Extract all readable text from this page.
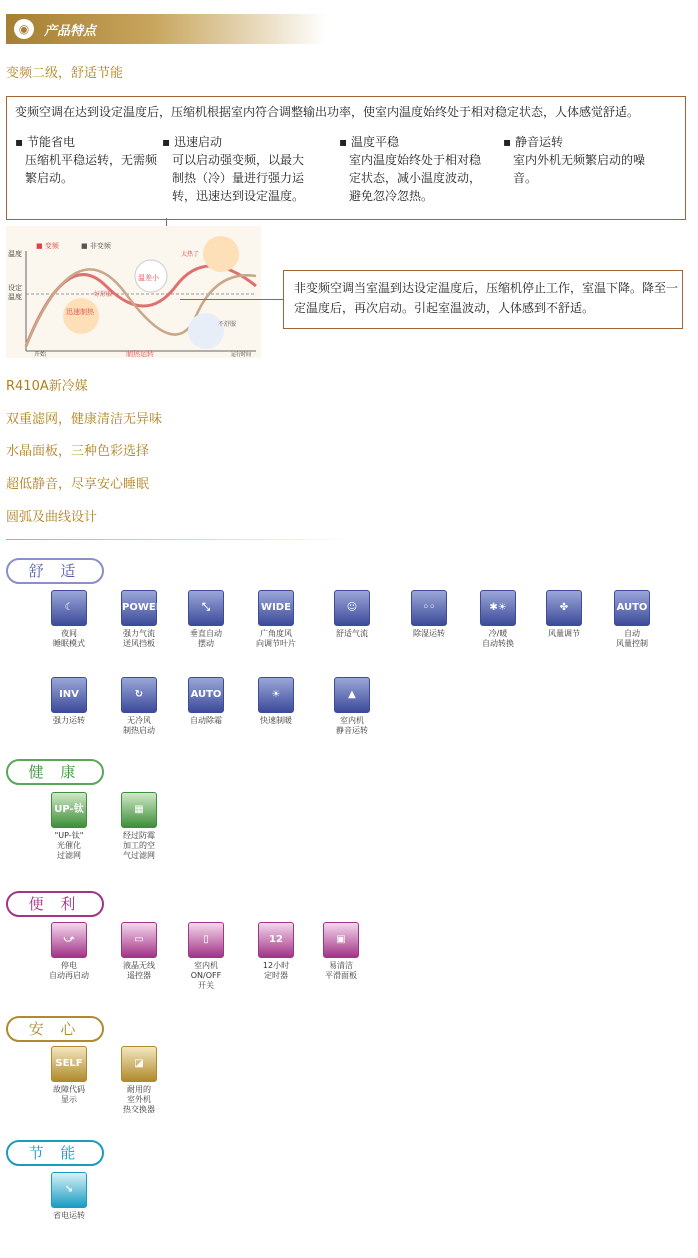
◉	产品特点
变频二级，舒适节能
变频空调在达到设定温度后，压缩机根据室内符合调整输出功率，使室内温度始终处于相对稳定状态，人体感觉舒适。
▪ 节能省电
压缩机平稳运转，无需频繁启动。
▪ 迅速启动
可以启动强变频，以最大制热（冷）量进行强力运转，迅速达到设定温度。
▪ 温度平稳
室内温度始终处于相对稳定状态，减小温度波动，避免忽冷忽热。
▪ 静音运转
室内外机无频繁启动的噪音。
■ 变频	■ 非变频
温度
设定
温度
迅速制热
温差小
好舒服
太热了
不舒服
开始	制热运转	运行时间
非变频空调当室温到达设定温度后，压缩机停止工作，室温下降。降至一定温度后，再次启动。引起室温波动，人体感到不舒适。
R410A新冷媒
双重滤网，健康清洁无异味
水晶面板，三种色彩选择
超低静音，尽享安心睡眠
圆弧及曲线设计
舒 适
☾
夜间
睡眠模式
POWER
强力气流
送风挡板
⤡
垂直自动
摆动
WIDE
广角度风
向调节叶片
☺
舒适气流
◦◦
除湿运转
✱☀
冷/暖
自动转换
✤
风量调节
AUTO
自动
风量控制
INV
强力运转
↻
无冷风
制热启动
AUTO
自动除霜
☀
快速制暖
▲
室内机
静音运转
健 康
UP-钛
"UP-钛"
光催化
过滤网
▦
经过防霉
加工的空
气过滤网
便 利
⤻
停电
自动再启动
▭
液晶无线
遥控器
▯
室内机
ON/OFF
开关
12
12小时
定时器
▣
易清洁
平滑面板
安 心
SELF
故障代码
显示
◪
耐用的
室外机
热交换器
节 能
↘
省电运转
